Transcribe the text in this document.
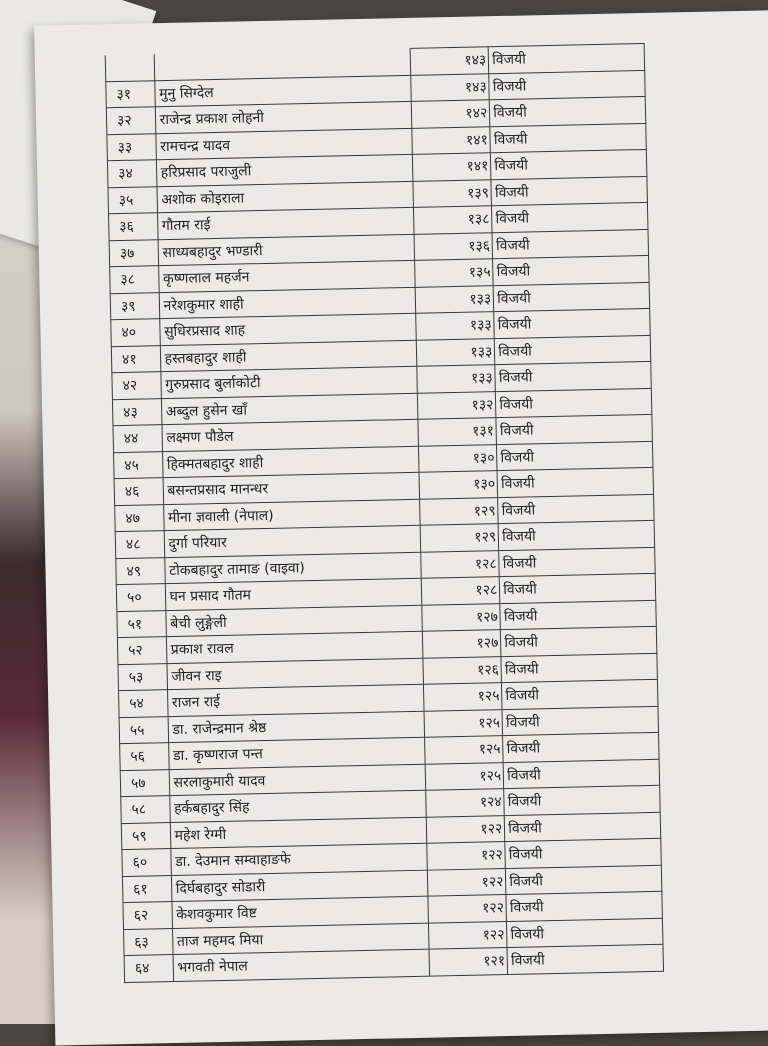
		१४३	विजयी
३१	मुनु सिग्देल	१४३	विजयी
३२	राजेन्द्र प्रकाश लोहनी	१४२	विजयी
३३	रामचन्द्र यादव	१४१	विजयी
३४	हरिप्रसाद पराजुली	१४१	विजयी
३५	अशोक कोइराला	१३९	विजयी
३६	गौतम राई	१३८	विजयी
३७	साध्यबहादुर भण्डारी	१३६	विजयी
३८	कृष्णलाल महर्जन	१३५	विजयी
३९	नरेशकुमार शाही	१३३	विजयी
४०	सुधिरप्रसाद शाह	१३३	विजयी
४१	हस्तबहादुर शाही	१३३	विजयी
४२	गुरुप्रसाद बुर्लाकोटी	१३३	विजयी
४३	अब्दुल हुसेन खाँ	१३२	विजयी
४४	लक्ष्मण पौडेल	१३१	विजयी
४५	हिक्मतबहादुर शाही	१३०	विजयी
४६	बसन्तप्रसाद मानन्धर	१३०	विजयी
४७	मीना ज्ञवाली (नेपाल)	१२९	विजयी
४८	दुर्गा परियार	१२९	विजयी
४९	टोकबहादुर तामाङ (वाइवा)	१२८	विजयी
५०	घन प्रसाद गौतम	१२८	विजयी
५१	बेची लुङ्गेली	१२७	विजयी
५२	प्रकाश रावल	१२७	विजयी
५३	जीवन राइ	१२६	विजयी
५४	राजन राई	१२५	विजयी
५५	डा. राजेन्द्रमान श्रेष्ठ	१२५	विजयी
५६	डा. कृष्णराज पन्त	१२५	विजयी
५७	सरलाकुमारी यादव	१२५	विजयी
५८	हर्कबहादुर सिंह	१२४	विजयी
५९	महेश रेग्मी	१२२	विजयी
६०	डा. देउमान सम्वाहाङफे	१२२	विजयी
६१	दिर्घबहादुर सोडारी	१२२	विजयी
६२	केशवकुमार विष्ट	१२२	विजयी
६३	ताज महमद मिया	१२२	विजयी
६४	भगवती नेपाल	१२१	विजयी
